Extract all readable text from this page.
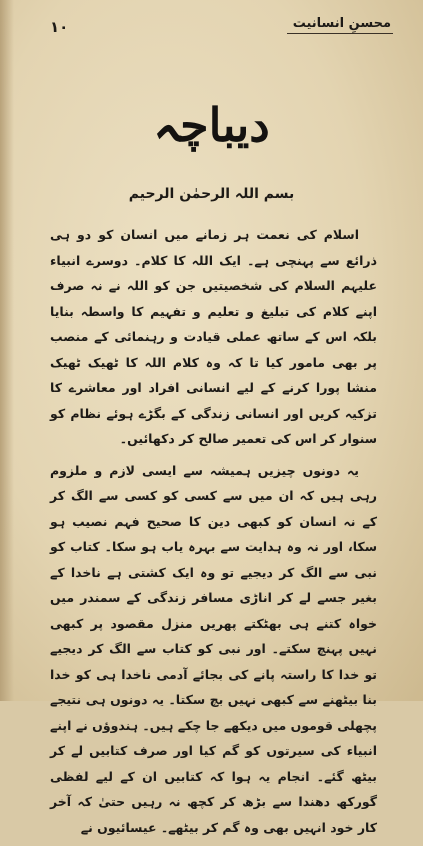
۱۰	محسنِ انسانیت
دیباچہ
بسم اللہ الرحمٰن الرحیم

اسلام کی نعمت ہر زمانے میں انسان کو دو ہی ذرائع سے پہنچی ہے۔ ایک اللہ کا کلام۔ دوسرے انبیاء علیہم السلام کی شخصیتیں جن کو اللہ نے نہ صرف اپنے کلام کی تبلیغ و تعلیم و تفہیم کا واسطہ بنایا بلکہ اس کے ساتھ عملی قیادت و رہنمائی کے منصب پر بھی مامور کیا تا کہ وہ کلام اللہ کا ٹھیک ٹھیک منشا پورا کرنے کے لیے انسانی افراد اور معاشرے کا تزکیہ کریں اور انسانی زندگی کے بگڑے ہوئے نظام کو سنوار کر اس کی تعمیر صالح کر دکھائیں۔

یہ دونوں چیزیں ہمیشہ سے ایسی لازم و ملزوم رہی ہیں کہ ان میں سے کسی کو کسی سے الگ کر کے نہ انسان کو کبھی دین کا صحیح فہم نصیب ہو سکا، اور نہ وہ ہدایت سے بہرہ یاب ہو سکا۔ کتاب کو نبی سے الگ کر دیجیے تو وہ ایک کشتی ہے ناخدا کے بغیر جسے لے کر اناڑی مسافر زندگی کے سمندر میں خواہ کتنے ہی بھٹکتے پھریں منزل مقصود پر کبھی نہیں پہنچ سکتے۔ اور نبی کو کتاب سے الگ کر دیجیے تو خدا کا راستہ پانے کی بجائے آدمی ناخدا ہی کو خدا بنا بیٹھنے سے کبھی نہیں بچ سکتا۔ یہ دونوں ہی نتیجے پچھلی قوموں میں دیکھے جا چکے ہیں۔ ہندوؤں نے اپنے انبیاء کی سیرتوں کو گم کیا اور صرف کتابیں لے کر بیٹھ گئے۔ انجام یہ ہوا کہ کتابیں ان کے لیے لفظی گورکھ دھندا سے بڑھ کر کچھ نہ رہیں حتیٰ کہ آخر کار خود انہیں بھی وہ گم کر بیٹھے۔ عیسائیوں نے
